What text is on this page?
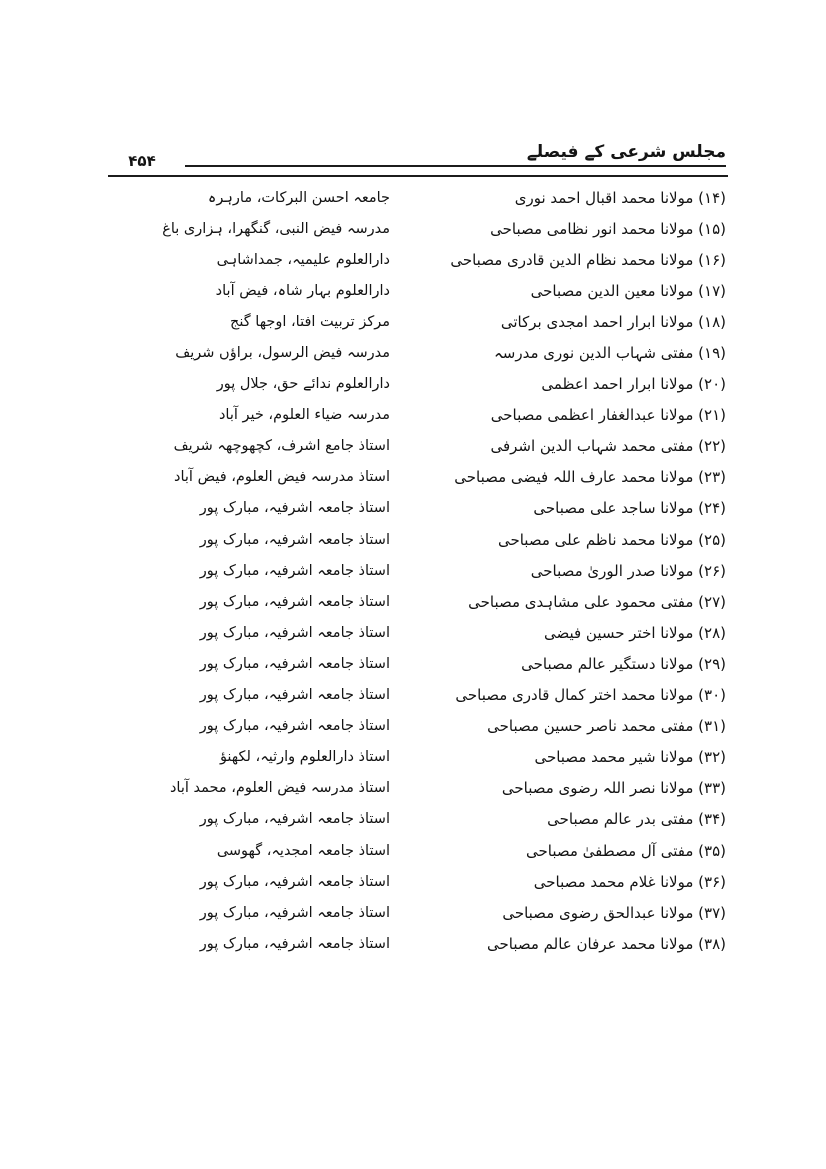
مجلس شرعی کے فیصلے
۴۵۴
(۱۴) مولانا محمد اقبال احمد نوری
جامعہ احسن البرکات، مارہرہ
(۱۵) مولانا محمد انور نظامی مصباحی
مدرسہ فیض النبی، گنگھرا، ہزاری باغ
(۱۶) مولانا محمد نظام الدین قادری مصباحی
دارالعلوم علیمیہ، جمداشاہی
(۱۷) مولانا معین الدین مصباحی
دارالعلوم بہار شاہ، فیض آباد
(۱۸) مولانا ابرار احمد امجدی برکاتی
مرکز تربیت افتا، اوجھا گنج
(۱۹) مفتی شہاب الدین نوری مدرسہ
مدرسہ فیض الرسول، براؤں شریف
(۲۰) مولانا ابرار احمد اعظمی
دارالعلوم ندائے حق، جلال پور
(۲۱) مولانا عبدالغفار اعظمی مصباحی
مدرسہ ضیاء العلوم، خیر آباد
(۲۲) مفتی محمد شہاب الدین اشرفی
استاذ جامع اشرف، کچھوچھہ شریف
(۲۳) مولانا محمد عارف اللہ فیضی مصباحی
استاذ مدرسہ فیض العلوم، فیض آباد
(۲۴) مولانا ساجد علی مصباحی
استاذ جامعہ اشرفیہ، مبارک پور
(۲۵) مولانا محمد ناظم علی مصباحی
استاذ جامعہ اشرفیہ، مبارک پور
(۲۶) مولانا صدر الورىٰ مصباحی
استاذ جامعہ اشرفیہ، مبارک پور
(۲۷) مفتی محمود علی مشاہدی مصباحی
استاذ جامعہ اشرفیہ، مبارک پور
(۲۸) مولانا اختر حسین فیضی
استاذ جامعہ اشرفیہ، مبارک پور
(۲۹) مولانا دستگیر عالم مصباحی
استاذ جامعہ اشرفیہ، مبارک پور
(۳۰) مولانا محمد اختر کمال قادری مصباحی
استاذ جامعہ اشرفیہ، مبارک پور
(۳۱) مفتی محمد ناصر حسین مصباحی
استاذ جامعہ اشرفیہ، مبارک پور
(۳۲) مولانا شیر محمد مصباحی
استاذ دارالعلوم وارثیہ، لکھنؤ
(۳۳) مولانا نصر اللہ رضوی مصباحی
استاذ مدرسہ فیض العلوم، محمد آباد
(۳۴) مفتی بدر عالم مصباحی
استاذ جامعہ اشرفیہ، مبارک پور
(۳۵) مفتی آل مصطفیٰ مصباحی
استاذ جامعہ امجدیہ، گھوسی
(۳۶) مولانا غلام محمد مصباحی
استاذ جامعہ اشرفیہ، مبارک پور
(۳۷) مولانا عبدالحق رضوی مصباحی
استاذ جامعہ اشرفیہ، مبارک پور
(۳۸) مولانا محمد عرفان عالم مصباحی
استاذ جامعہ اشرفیہ، مبارک پور
